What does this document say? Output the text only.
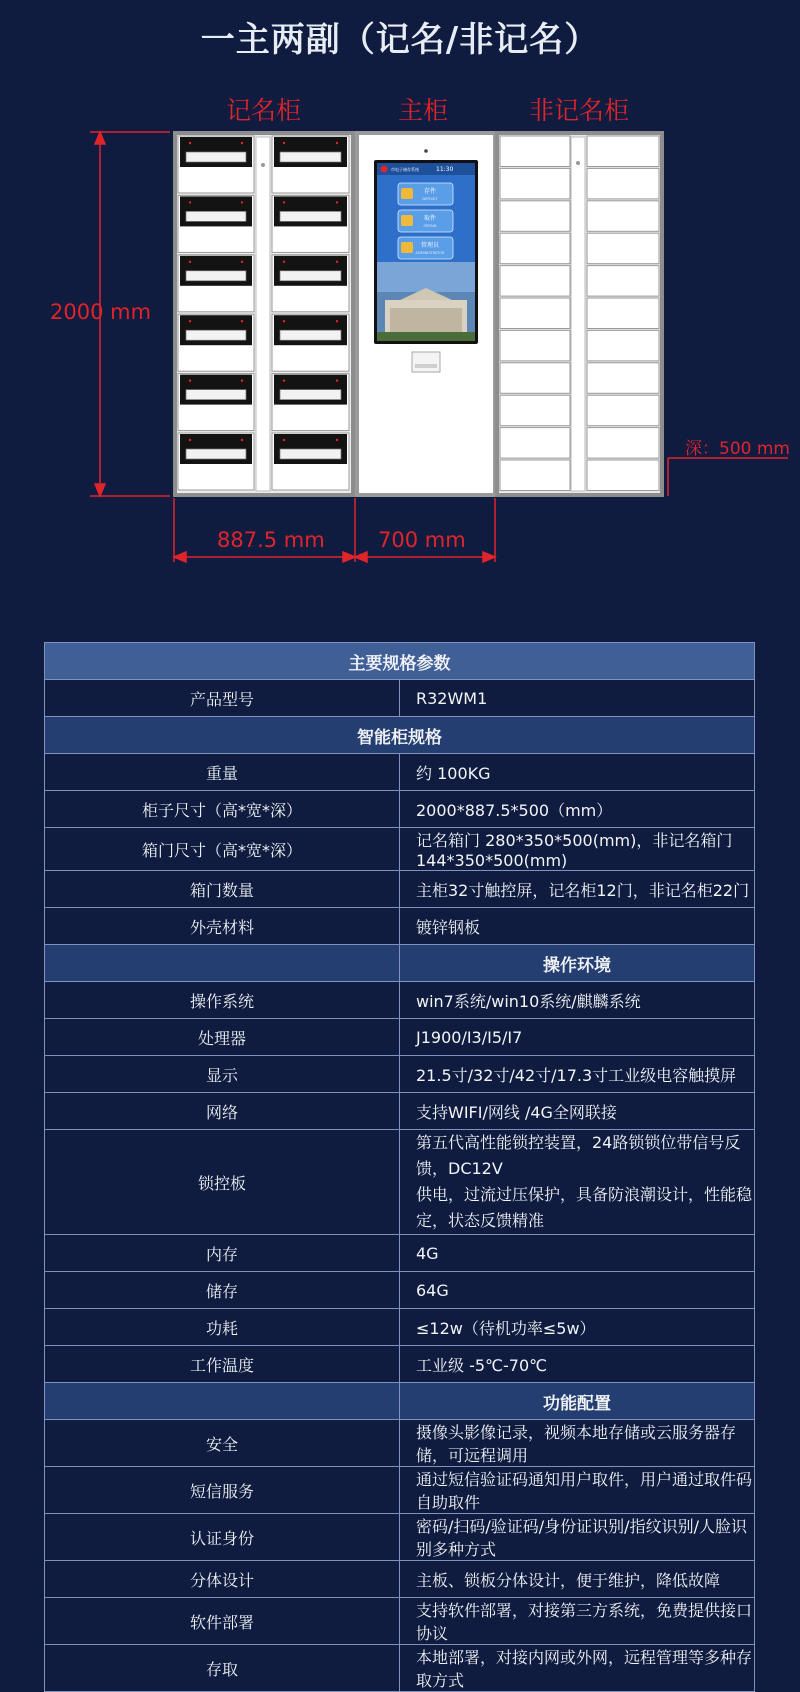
一主两副（记名/非记名）
市电子储存系统	11:30
存件
DEPOSIT
取件
OBTAIN
管理员
ADMINISTRATOR
记名柜	主柜	非记名柜
2000 mm
深：500 mm
887.5 mm	700 mm
主要规格参数	
产品型号	R32WM1
智能柜规格	
重量	约 100KG
柜子尺寸（高*宽*深）	2000*887.5*500（mm）
箱门尺寸（高*宽*深）	记名箱门 280*350*500(mm)，非记名箱门144*350*500(mm)
箱门数量	主柜32寸触控屏，记名柜12门，非记名柜22门
外壳材料	镀锌钢板
	操作环境
操作系统	win7系统/win10系统/麒麟系统
处理器	J1900/I3/I5/I7
显示	21.5寸/32寸/42寸/17.3寸工业级电容触摸屏
网络	支持WIFI/网线 /4G全网联接
锁控板	第五代高性能锁控装置，24路锁锁位带信号反馈，DC12V
供电，过流过压保护，具备防浪潮设计，性能稳定，状态反馈精准

内存	4G
储存	64G
功耗	≤12w（待机功率≤5w）
工作温度	工业级 -5℃-70℃
	功能配置
安全	摄像头影像记录，视频本地存储或云服务器存储，可远程调用
短信服务	通过短信验证码通知用户取件，用户通过取件码自助取件
认证身份	密码/扫码/验证码/身份证识别/指纹识别/人脸识别多种方式
分体设计	主板、锁板分体设计，便于维护，降低故障
软件部署	支持软件部署，对接第三方系统，免费提供接口协议
存取	本地部署，对接内网或外网，远程管理等多种存取方式
